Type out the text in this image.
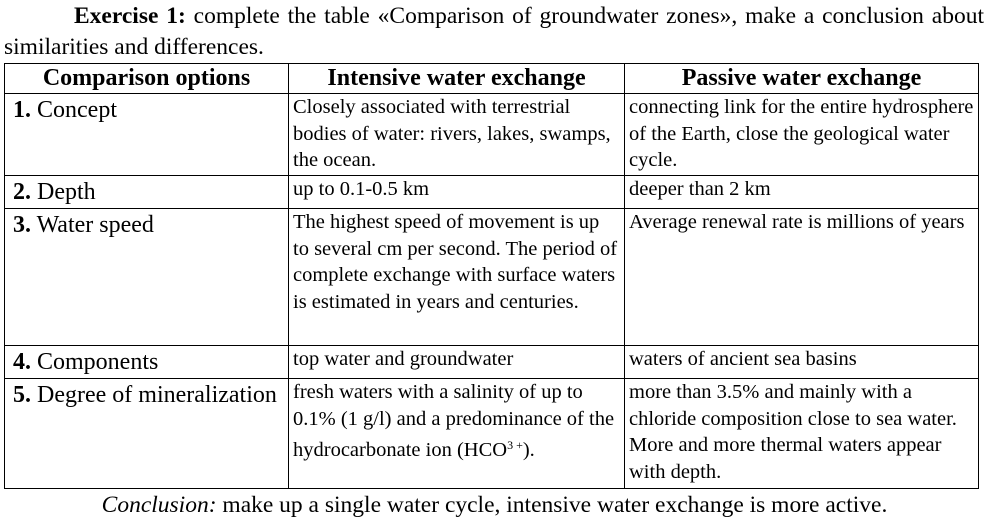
Exercise 1: complete the table «Comparison of groundwater zones», make a conclusion about similarities and differences.
Comparison options	Intensive water exchange	Passive water exchange
1. Concept	Closely associated with terrestrial bodies of water: rivers, lakes, swamps, the ocean.	connecting link for the entire hydrosphere of the Earth, close the geological water cycle.
2. Depth	up to 0.1-0.5 km	deeper than 2 km
3. Water speed	The highest speed of movement is up to several cm per second. The period of complete exchange with surface waters is estimated in years and centuries.	Average renewal rate is millions of years
4. Components	top water and groundwater	waters of ancient sea basins
5. Degree of mineralization	fresh waters with a salinity of up to 0.1% (1 g/l) and a predominance of the hydrocarbonate ion $(HCO^{3 +})$.	more than 3.5% and mainly with a chloride composition close to sea water. More and more thermal waters appear with depth.
Conclusion: make up a single water cycle, intensive water exchange is more active.
